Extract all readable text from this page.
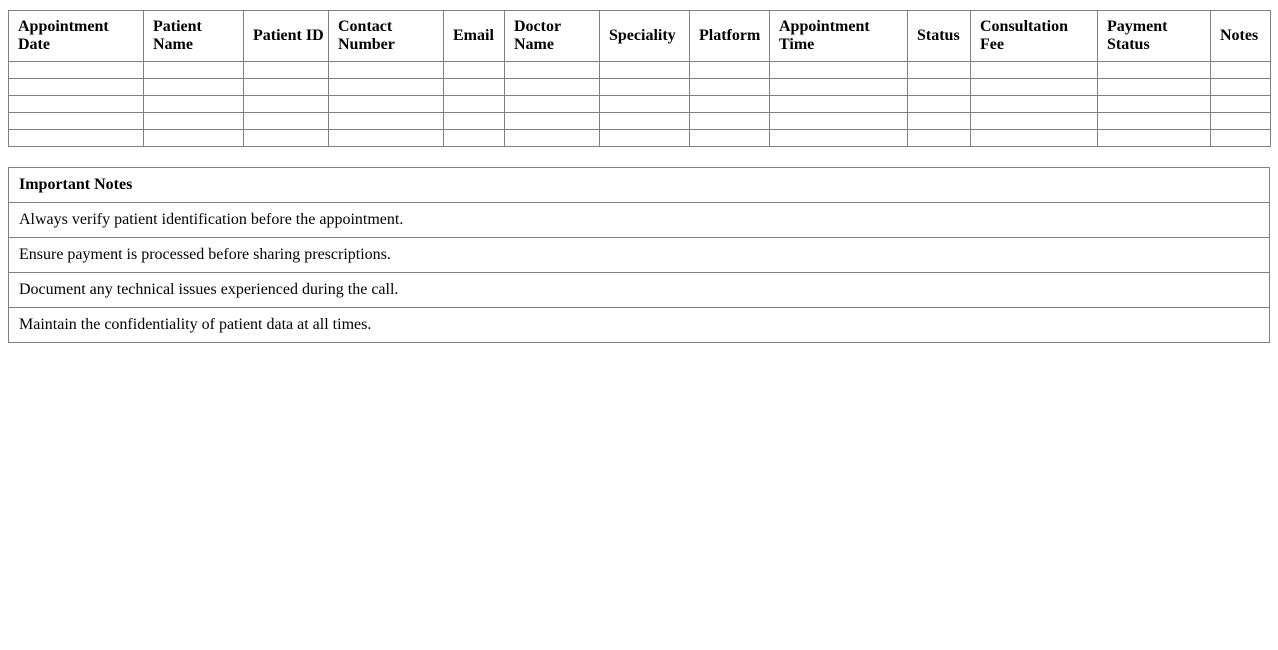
Appointment Date	Patient Name	Patient ID	Contact Number	Email	Doctor Name	Speciality	Platform	Appointment Time	Status	Consultation Fee	Payment Status	Notes

Important Notes
Always verify patient identification before the appointment.
Ensure payment is processed before sharing prescriptions.
Document any technical issues experienced during the call.
Maintain the confidentiality of patient data at all times.
